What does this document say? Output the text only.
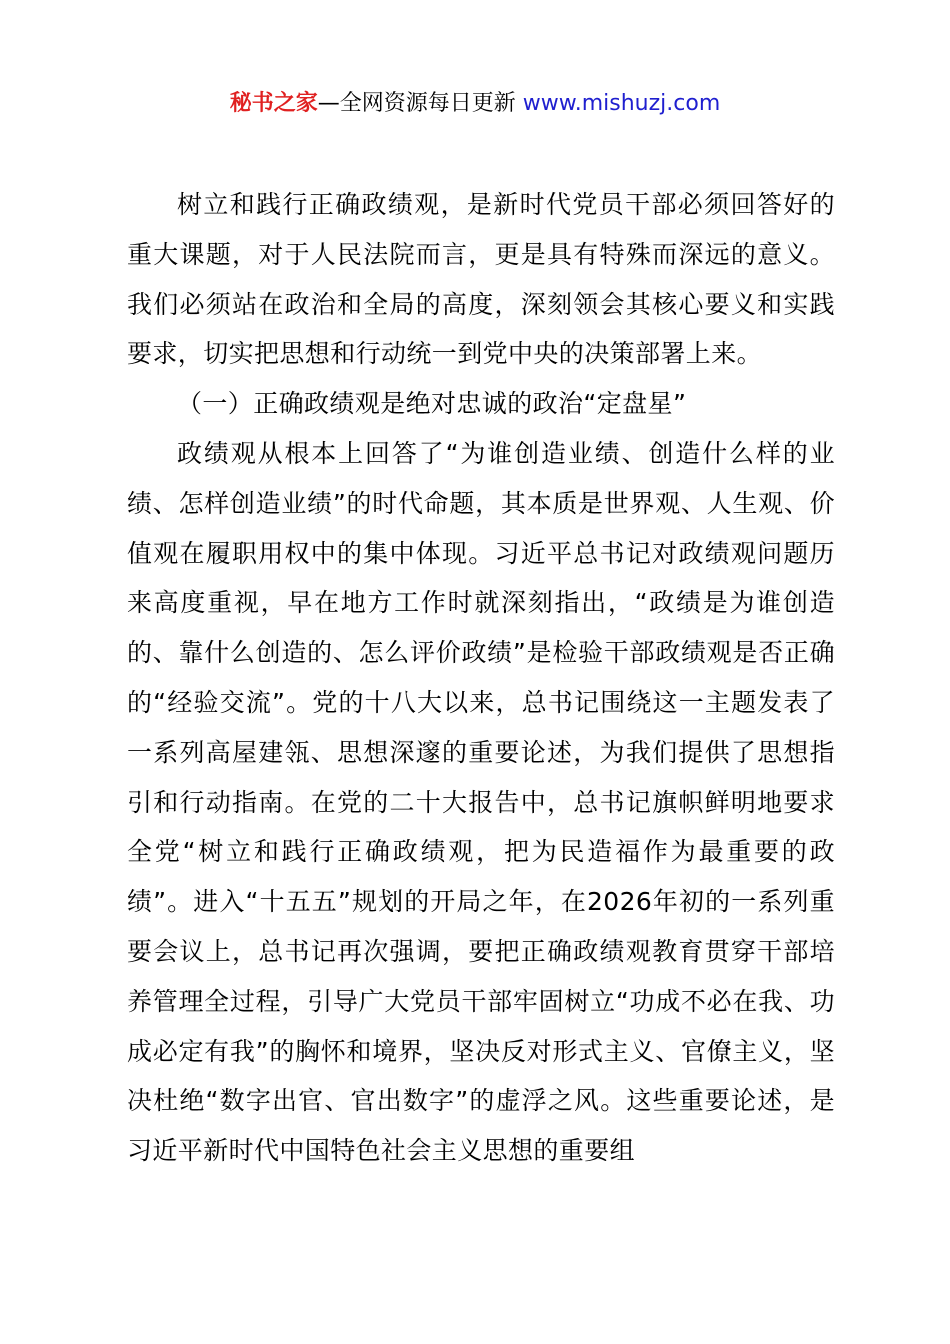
秘书之家—全网资源每日更新 www.mishuzj.com

树立和践行正确政绩观，是新时代党员干部必须回答好的重大课题，对于人民法院而言，更是具有特殊而深远的意义。我们必须站在政治和全局的高度，深刻领会其核心要义和实践要求，切实把思想和行动统一到党中央的决策部署上来。

（一）正确政绩观是绝对忠诚的政治“定盘星”

政绩观从根本上回答了“为谁创造业绩、创造什么样的业绩、怎样创造业绩”的时代命题，其本质是世界观、人生观、价值观在履职用权中的集中体现。习近平总书记对政绩观问题历来高度重视，早在地方工作时就深刻指出，“政绩是为谁创造的、靠什么创造的、怎么评价政绩”是检验干部政绩观是否正确的“经验交流”。党的十八大以来，总书记围绕这一主题发表了一系列高屋建瓴、思想深邃的重要论述，为我们提供了思想指引和行动指南。在党的二十大报告中，总书记旗帜鲜明地要求全党“树立和践行正确政绩观，把为民造福作为最重要的政绩”。进入“十五五”规划的开局之年，在2026年初的一系列重要会议上，总书记再次强调，要把正确政绩观教育贯穿干部培养管理全过程，引导广大党员干部牢固树立“功成不必在我、功成必定有我”的胸怀和境界，坚决反对形式主义、官僚主义，坚决杜绝“数字出官、官出数字”的虚浮之风。这些重要论述，是习近平新时代中国特色社会主义思想的重要组
